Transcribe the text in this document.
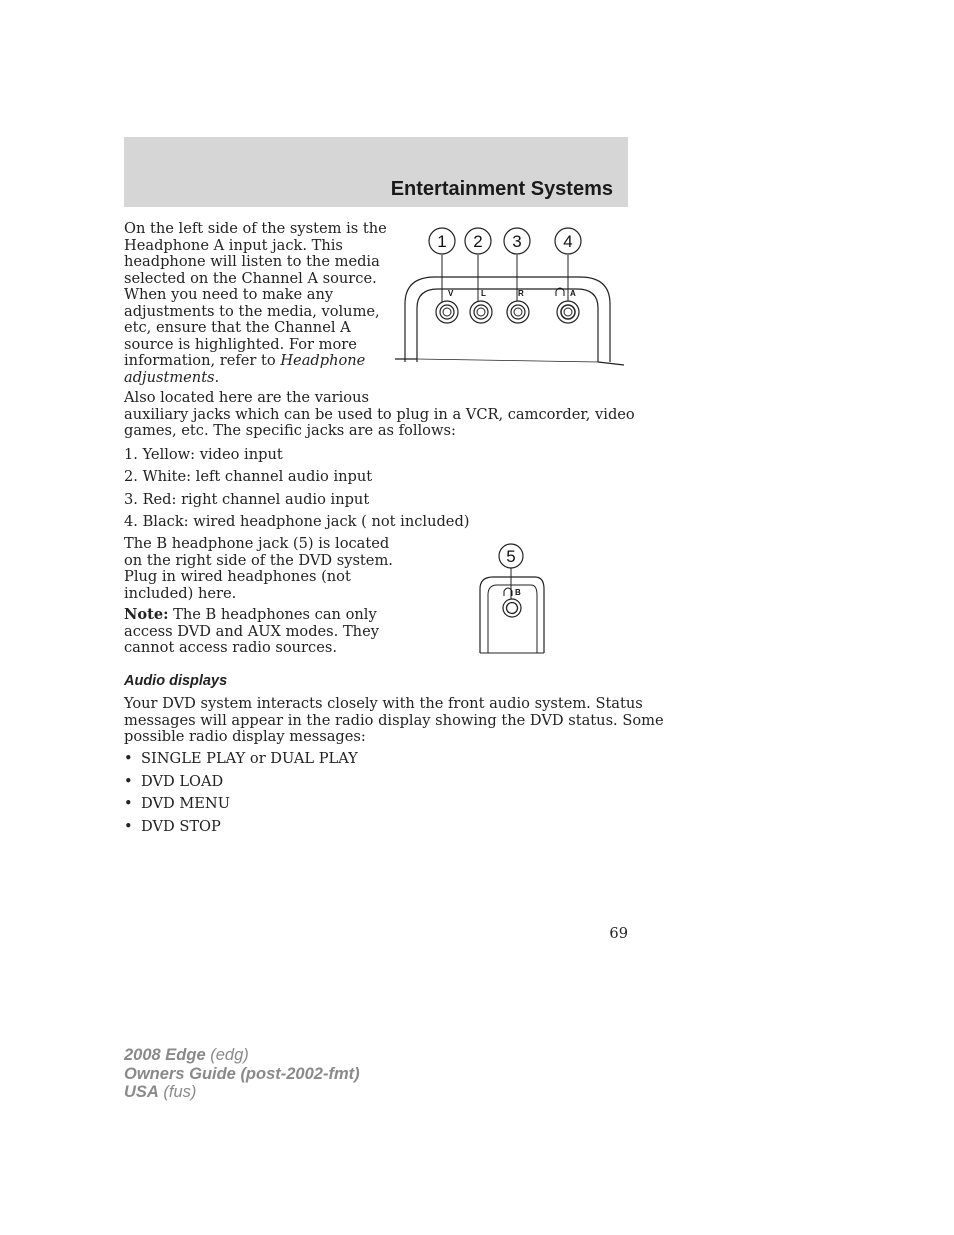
Entertainment Systems

On the left side of the system is the

Headphone A input jack. This

headphone will listen to the media

selected on the Channel A source.

When you need to make any

adjustments to the media, volume,

etc, ensure that the Channel A

source is highlighted. For more

information, refer to Headphone

adjustments.

1 2 3 4
V	L	R	A

Also located here are the various

auxiliary jacks which can be used to plug in a VCR, camcorder, video

games, etc. The specific jacks are as follows:

1. Yellow: video input
2. White: left channel audio input
3. Red: right channel audio input
4. Black: wired headphone jack ( not included)

The B headphone jack (5) is located

on the right side of the DVD system.

Plug in wired headphones (not

included) here.

Note: The B headphones can only

access DVD and AUX modes. They

cannot access radio sources.

5
B
Audio displays

Your DVD system interacts closely with the front audio system. Status

messages will appear in the radio display showing the DVD status. Some

possible radio display messages:

• SINGLE PLAY or DUAL PLAY
• DVD LOAD
• DVD MENU
• DVD STOP
69
2008 Edge (edg)
Owners Guide (post-2002-fmt)
USA (fus)
